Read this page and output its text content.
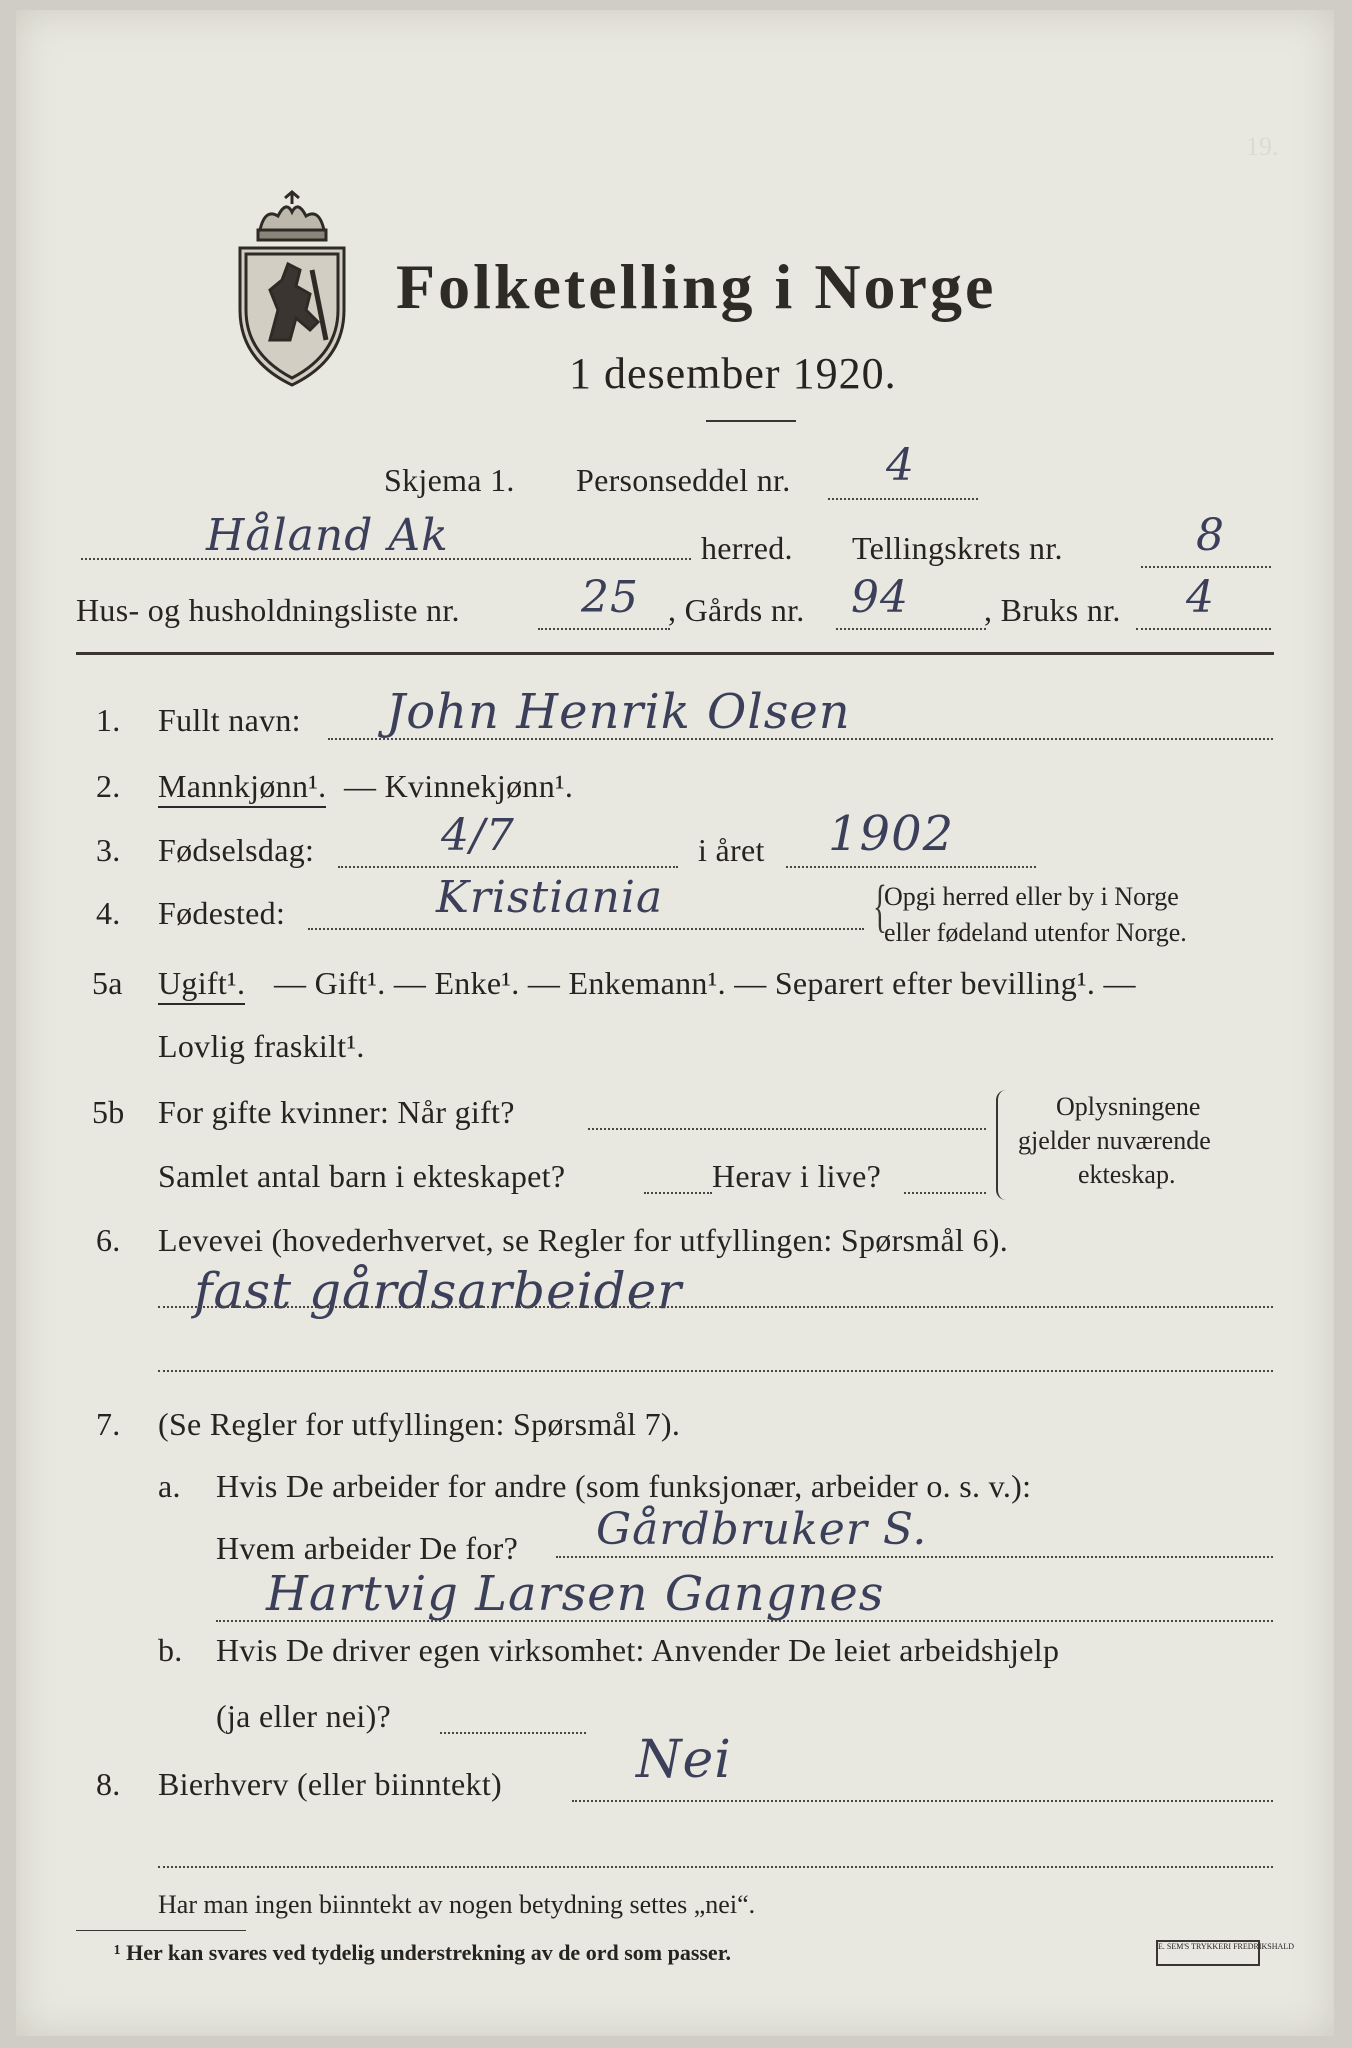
19.
Folketelling i Norge
1 desember 1920.
Skjema 1. Personseddel nr. 4
Håland Ak	herred. Tellingskrets nr.	8
Hus- og husholdningsliste nr.	25 , Gårds nr. 94 , Bruks nr. 4
1. Fullt navn: John Henrik Olsen
2. Mannkjønn¹. — Kvinnekjønn¹.
3. Fødselsdag:	4/7	i året 1902
4. Fødested:	Kristiania	{
Opgi herred eller by i Norge
eller fødeland utenfor Norge.
5a Ugift¹. — Gift¹. — Enke¹. — Enkemann¹. — Separert efter bevilling¹. —
Lovlig fraskilt¹.
5b For gifte kvinner: Når gift?
Samlet antal barn i ekteskapet?	Herav i live?
Oplysningene
gjelder nuværende
ekteskap.
6. Levevei (hovederhvervet, se Regler for utfyllingen: Spørsmål 6).
fast gårdsarbeider
7. (Se Regler for utfyllingen: Spørsmål 7).
a. Hvis De arbeider for andre (som funksjonær, arbeider o. s. v.):
Hvem arbeider De for? Gårdbruker S.
Hartvig Larsen Gangnes
b. Hvis De driver egen virksomhet: Anvender De leiet arbeidshjelp
(ja eller nei)?
8. Bierhverv (eller biinntekt)	Nei
Har man ingen biinntekt av nogen betydning settes „nei“.
¹ Her kan svares ved tydelig understrekning av de ord som passer.	E. SEM'S TRYKKERI FREDRIKSHALD
